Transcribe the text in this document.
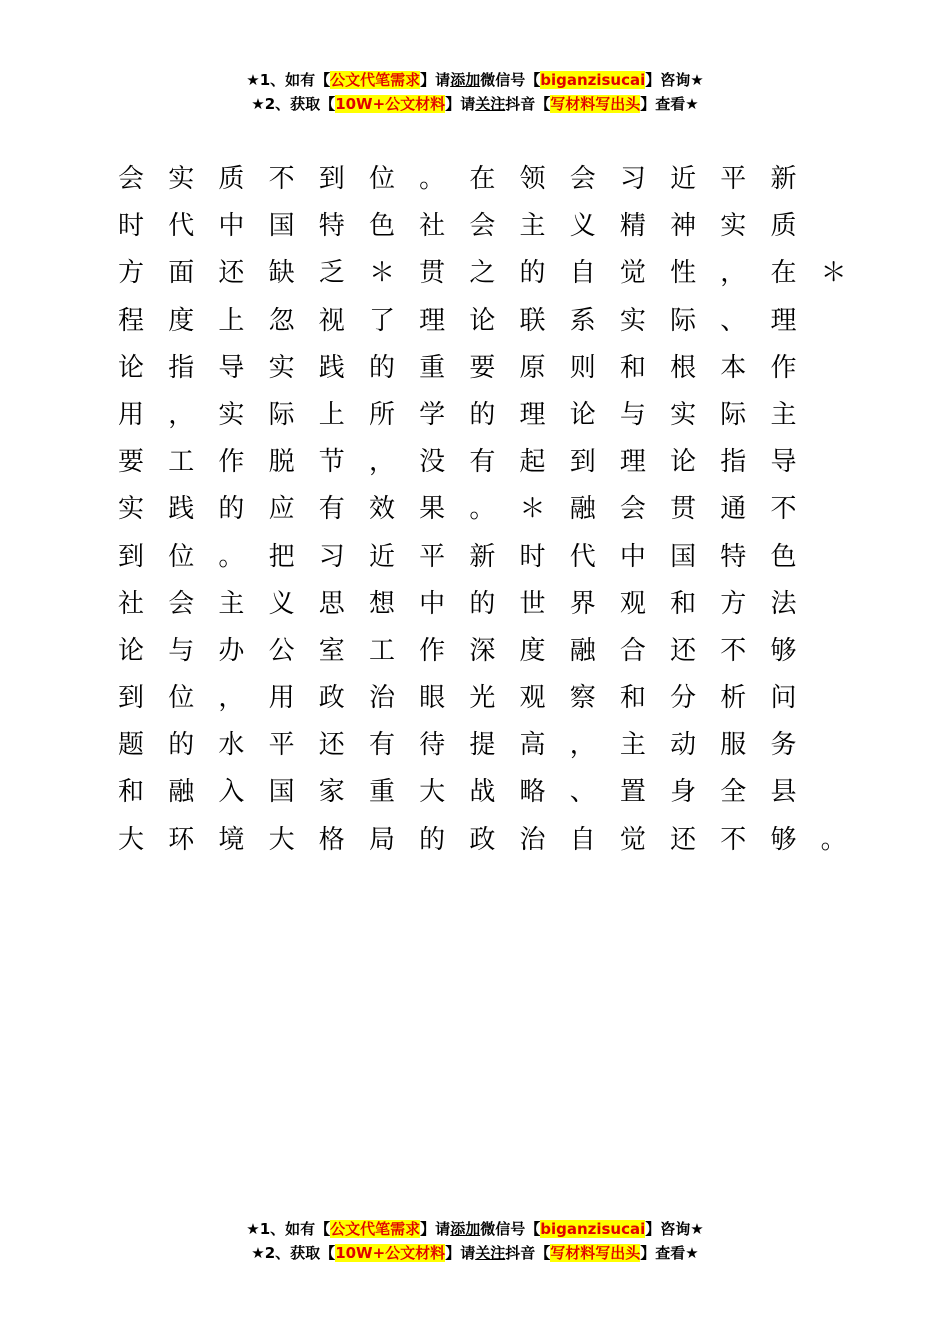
★1、如有【公文代笔需求】请添加微信号【biganzisucai】咨询★
★2、获取【10W+公文材料】请关注抖音【写材料写出头】查看★
会 实 质 不 到 位 。 在 领 会 习 近 平 新
时 代 中 国 特 色 社 会 主 义 精 神 实 质
方 面 还 缺 乏 ＊ 贯 之 的 自 觉 性 ， 在 ＊
程 度 上 忽 视 了 理 论 联 系 实 际 、 理
论 指 导 实 践 的 重 要 原 则 和 根 本 作
用 ， 实 际 上 所 学 的 理 论 与 实 际 主
要 工 作 脱 节 ， 没 有 起 到 理 论 指 导
实 践 的 应 有 效 果 。 ＊ 融 会 贯 通 不
到 位 。 把 习 近 平 新 时 代 中 国 特 色
社 会 主 义 思 想 中 的 世 界 观 和 方 法
论 与 办 公 室 工 作 深 度 融 合 还 不 够
到 位 ， 用 政 治 眼 光 观 察 和 分 析 问
题 的 水 平 还 有 待 提 高 ， 主 动 服 务
和 融 入 国 家 重 大 战 略 、 置 身 全 县
大 环 境 大 格 局 的 政 治 自 觉 还 不 够 。
★1、如有【公文代笔需求】请添加微信号【biganzisucai】咨询★
★2、获取【10W+公文材料】请关注抖音【写材料写出头】查看★
